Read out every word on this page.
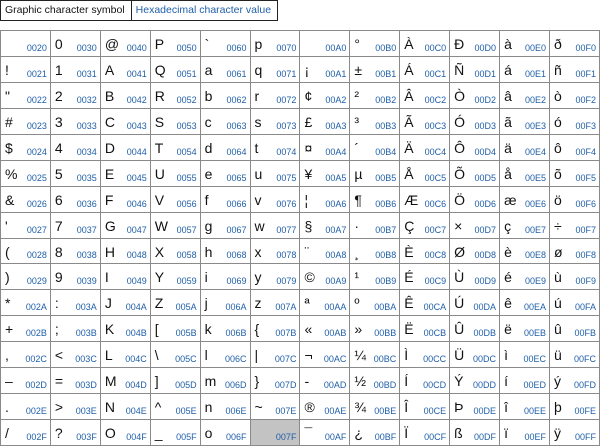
Graphic character symbol	Hexadecimal character value
0020	0 0030	@ 0040	P 0050	` 0060	p 0070	00A0	° 00B0	À 00C0	Đ 00D0	à 00E0	ð 00F0

! 0021	1 0031	A 0041	Q 0051	a 0061	q 0071	¡ 00A1	± 00B1	Á 00C1	Ñ 00D1	á 00E1	ñ 00F1

" 0022	2 0032	B 0042	R 0052	b 0062	r 0072	¢ 00A2	² 00B2	Â 00C2	Ò 00D2	â 00E2	ò 00F2

# 0023	3 0033	C 0043	S 0053	c 0063	s 0073	£ 00A3	³ 00B3	Ã 00C3	Ó 00D3	ã 00E3	ó 00F3

$ 0024	4 0034	D 0044	T 0054	d 0064	t 0074	¤ 00A4	´ 00B4	Ä 00C4	Ô 00D4	ä 00E4	ô 00F4

% 0025	5 0035	E 0045	U 0055	e 0065	u 0075	¥ 00A5	µ 00B5	Å 00C5	Õ 00D5	å 00E5	õ 00F5

& 0026	6 0036	F 0046	V 0056	f 0066	v 0076	¦ 00A6	¶ 00B6	Æ 00C6	Ö 00D6	æ 00E6	ö 00F6

' 0027	7 0037	G 0047	W 0057	g 0067	w 0077	§ 00A7	· 00B7	Ç 00C7	× 00D7	ç 00E7	÷ 00F7

( 0028	8 0038	H 0048	X 0058	h 0068	x 0078	¨ 00A8	¸ 00B8	È 00C8	Ø 00D8	è 00E8	ø 00F8

) 0029	9 0039	I 0049	Y 0059	i 0069	y 0079	© 00A9	¹ 00B9	É 00C9	Ù 00D9	é 00E9	ù 00F9

* 002A	: 003A	J 004A	Z 005A	j 006A	z 007A	ª 00AA	º 00BA	Ê 00CA	Ú 00DA	ê 00EA	ú 00FA

+ 002B	; 003B	K 004B	[ 005B	k 006B	{ 007B	« 00AB	» 00BB	Ë 00CB	Û 00DB	ë 00EB	û 00FB

, 002C	< 003C	L 004C	\ 005C	l 006C	| 007C	¬ 00AC	¼ 00BC	Ì 00CC	Ü 00DC	ì 00EC	ü 00FC

– 002D	= 003D	M 004D	] 005D	m 006D	} 007D	- 00AD	½ 00BD	Í 00CD	Ý 00DD	í 00ED	ý 00FD

. 002E	> 003E	N 004E	^ 005E	n 006E	~ 007E	® 00AE	¾ 00BE	Î 00CE	Þ 00DE	î 00EE	þ 00FE

/ 002F	? 003F	O 004F	_ 005F	o 006F	007F	¯ 00AF	¿ 00BF	Ï 00CF	ß 00DF	ï 00EF	ÿ 00FF
